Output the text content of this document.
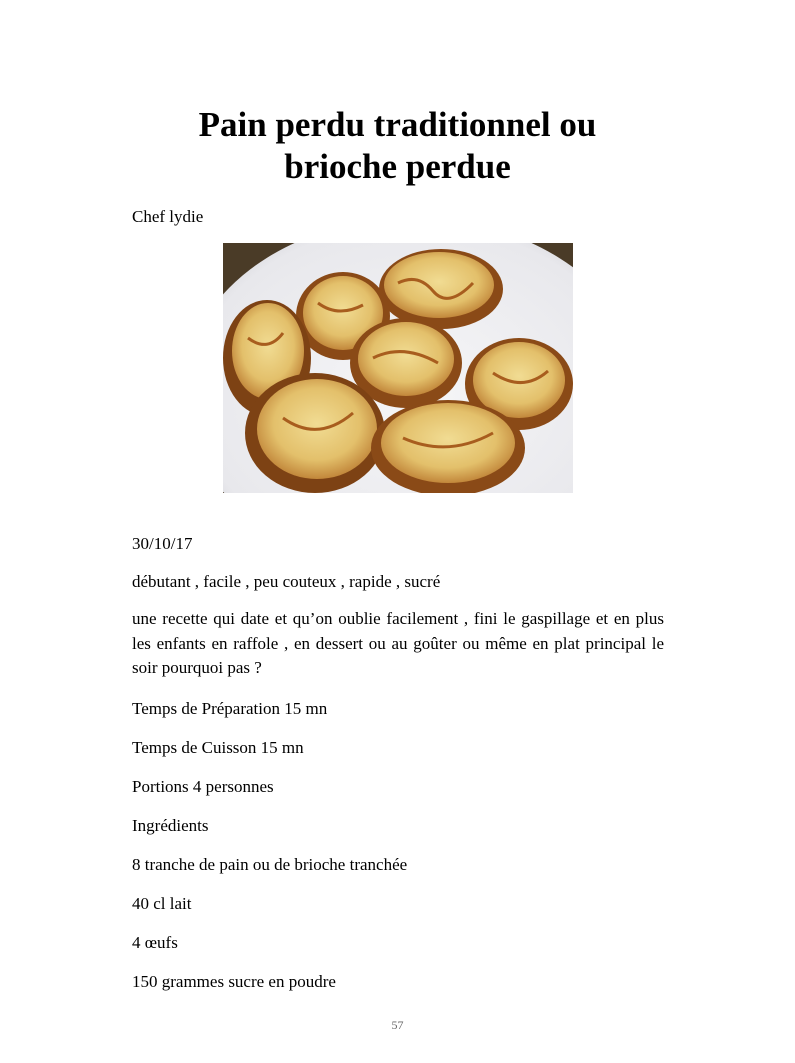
Pain perdu traditionnel ou
brioche perdue

Chef lydie

30/10/17

débutant , facile , peu couteux , rapide , sucré

une recette qui date et qu’on oublie facilement , fini le gaspillage et en plus les enfants en raffole , en dessert ou au goûter ou même en plat principal le soir pourquoi pas ?

Temps de Préparation 15 mn

Temps de Cuisson 15 mn

Portions 4 personnes

Ingrédients

8 tranche de pain ou de brioche tranchée

40 cl lait

4 œufs

150 grammes sucre en poudre

57
